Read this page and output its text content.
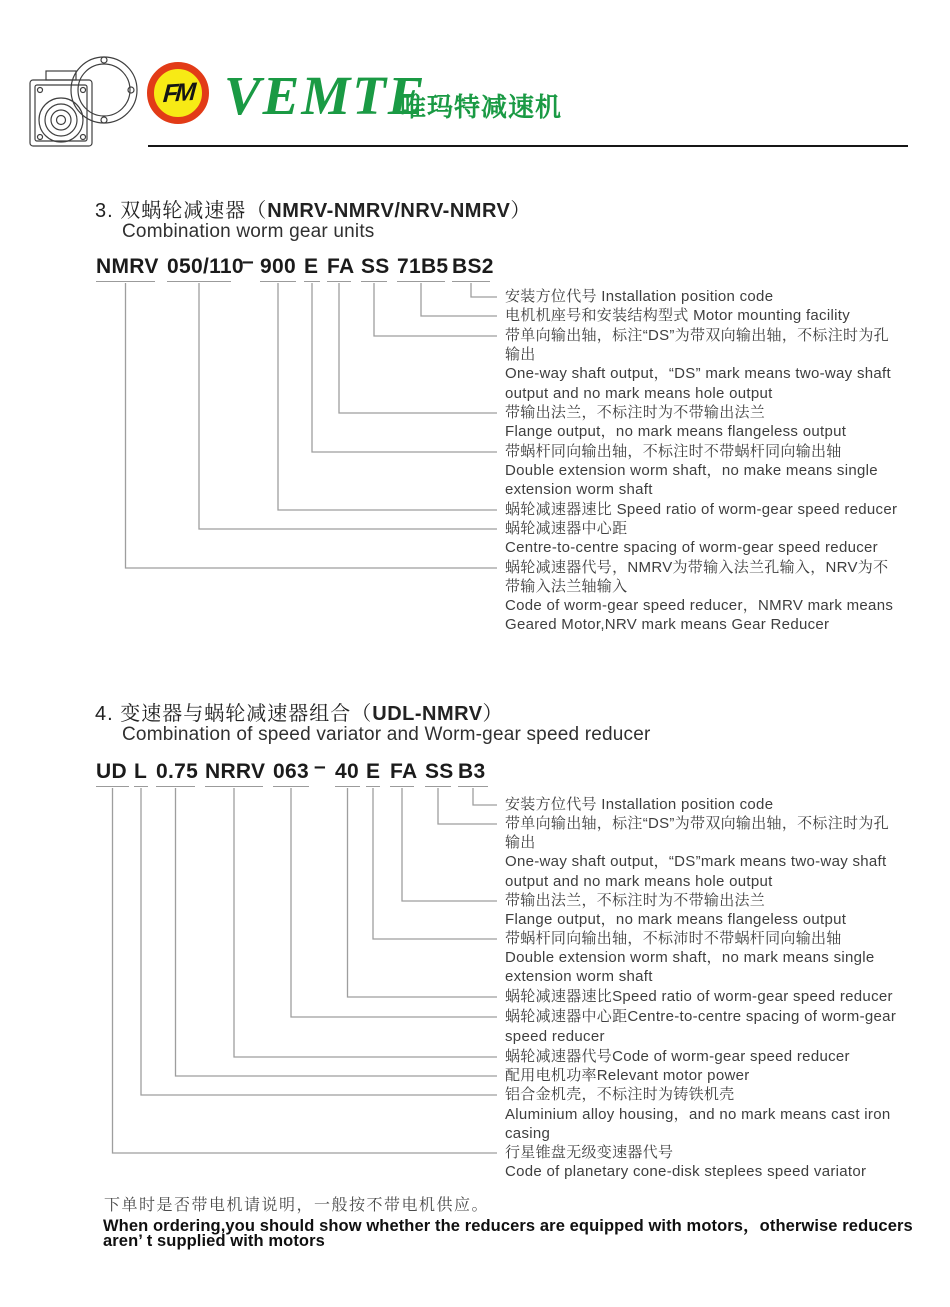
FM VEMTE
唯玛特减速机
3. 双蜗轮减速器（NMRV-NMRV/NRV-NMRV）
Combination worm gear units
NMRV 050/110
– 900 E FA SS 71B5 BS2
安装方位代号 Installation position code
电机机座号和安装结构型式 Motor mounting facility
带单向输出轴，标注“DS”为带双向输出轴，不标注时为孔
输出
One-way shaft output，“DS” mark means two-way shaft
output and no mark means hole output
带输出法兰，不标注时为不带输出法兰
Flange output，no mark means flangeless output
带蜗杆同向输出轴，不标注时不带蜗杆同向输出轴
Double extension worm shaft，no make means single
extension worm shaft
蜗轮减速器速比 Speed ratio of worm-gear speed reducer
蜗轮减速器中心距
Centre-to-centre spacing of worm-gear speed reducer
蜗轮减速器代号，NMRV为带输入法兰孔输入，NRV为不
带输入法兰轴输入
Code of worm-gear speed reducer，NMRV mark means
Geared Motor,NRV mark means Gear Reducer
4. 变速器与蜗轮减速器组合（UDL-NMRV）
Combination of speed variator and Worm-gear speed reducer
UD L 0.75 NRRV 063 – 40 E FA SS B3
安装方位代号 Installation position code
带单向输出轴，标注“DS”为带双向输出轴，不标注时为孔
输出
One-way shaft output，“DS”mark means two-way shaft
output and no mark means hole output
带输出法兰，不标注时为不带输出法兰
Flange output，no mark means flangeless output
带蜗杆同向输出轴，不标沛时不带蜗杆同向输出轴
Double extension worm shaft，no mark means single
extension worm shaft
蜗轮减速器速比Speed ratio of worm-gear speed reducer
蜗轮减速器中心距Centre-to-centre spacing of worm-gear
speed reducer
蜗轮减速器代号Code of worm-gear speed reducer
配用电机功率Relevant motor power
铝合金机壳，不标注时为铸铁机壳
Aluminium alloy housing，and no mark means cast iron
casing
行星锥盘无级变速器代号
Code of planetary cone-disk steplees speed variator
下单时是否带电机请说明，一般按不带电机供应。
When ordering,you should show whether the reducers are equipped with motors，otherwise reducers
aren’ t supplied with motors
